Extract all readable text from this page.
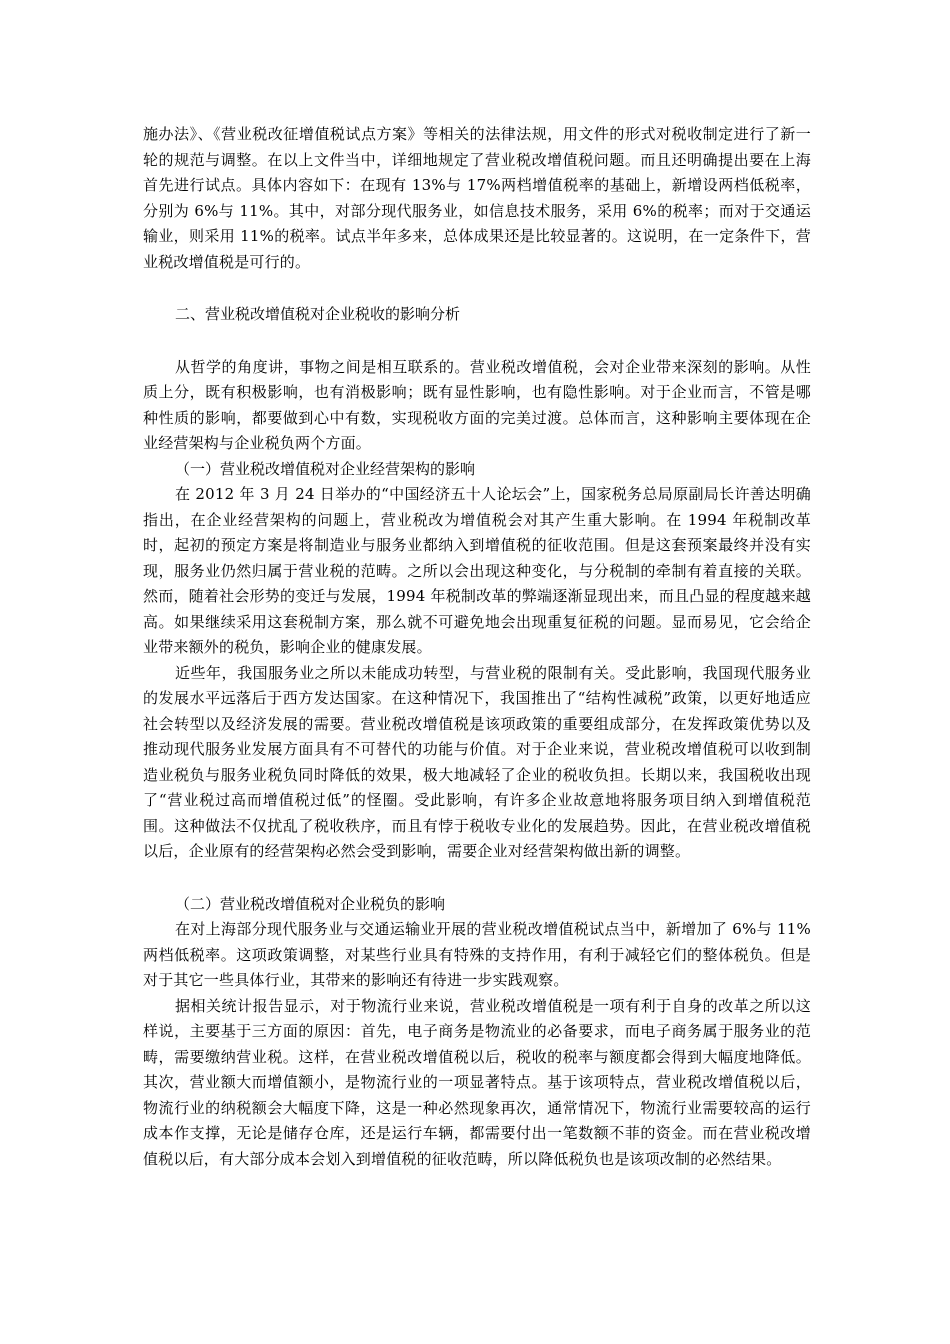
施办法》、《营业税改征增值税试点方案》等相关的法律法规，用文件的形式对税收制定进行了新一轮的规范与调整。在以上文件当中，详细地规定了营业税改增值税问题。而且还明确提出要在上海首先进行试点。具体内容如下：在现有 13%与 17%两档增值税率的基础上，新增设两档低税率，分别为 6%与 11%。其中，对部分现代服务业，如信息技术服务，采用 6%的税率；而对于交通运输业，则采用 11%的税率。试点半年多来，总体成果还是比较显著的。这说明，在一定条件下，营业税改增值税是可行的。

二、营业税改增值税对企业税收的影响分析

从哲学的角度讲，事物之间是相互联系的。营业税改增值税，会对企业带来深刻的影响。从性质上分，既有积极影响，也有消极影响；既有显性影响，也有隐性影响。对于企业而言，不管是哪种性质的影响，都要做到心中有数，实现税收方面的完美过渡。总体而言，这种影响主要体现在企业经营架构与企业税负两个方面。

（一）营业税改增值税对企业经营架构的影响

在 2012 年 3 月 24 日举办的“中国经济五十人论坛会”上，国家税务总局原副局长许善达明确指出，在企业经营架构的问题上，营业税改为增值税会对其产生重大影响。在 1994 年税制改革时，起初的预定方案是将制造业与服务业都纳入到增值税的征收范围。但是这套预案最终并没有实现，服务业仍然归属于营业税的范畴。之所以会出现这种变化，与分税制的牵制有着直接的关联。然而，随着社会形势的变迁与发展，1994 年税制改革的弊端逐渐显现出来，而且凸显的程度越来越高。如果继续采用这套税制方案，那么就不可避免地会出现重复征税的问题。显而易见，它会给企业带来额外的税负，影响企业的健康发展。

近些年，我国服务业之所以未能成功转型，与营业税的限制有关。受此影响，我国现代服务业的发展水平远落后于西方发达国家。在这种情况下，我国推出了“结构性减税”政策，以更好地适应社会转型以及经济发展的需要。营业税改增值税是该项政策的重要组成部分，在发挥政策优势以及推动现代服务业发展方面具有不可替代的功能与价值。对于企业来说，营业税改增值税可以收到制造业税负与服务业税负同时降低的效果，极大地减轻了企业的税收负担。长期以来，我国税收出现了“营业税过高而增值税过低”的怪圈。受此影响，有许多企业故意地将服务项目纳入到增值税范围。这种做法不仅扰乱了税收秩序，而且有悖于税收专业化的发展趋势。因此，在营业税改增值税以后，企业原有的经营架构必然会受到影响，需要企业对经营架构做出新的调整。

（二）营业税改增值税对企业税负的影响

在对上海部分现代服务业与交通运输业开展的营业税改增值税试点当中，新增加了 6%与 11%两档低税率。这项政策调整，对某些行业具有特殊的支持作用，有利于减轻它们的整体税负。但是对于其它一些具体行业，其带来的影响还有待进一步实践观察。

据相关统计报告显示，对于物流行业来说，营业税改增值税是一项有利于自身的改革之所以这样说，主要基于三方面的原因：首先，电子商务是物流业的必备要求，而电子商务属于服务业的范畴，需要缴纳营业税。这样，在营业税改增值税以后，税收的税率与额度都会得到大幅度地降低。其次，营业额大而增值额小，是物流行业的一项显著特点。基于该项特点，营业税改增值税以后，物流行业的纳税额会大幅度下降，这是一种必然现象再次，通常情况下，物流行业需要较高的运行成本作支撑，无论是储存仓库，还是运行车辆，都需要付出一笔数额不菲的资金。而在营业税改增值税以后，有大部分成本会划入到增值税的征收范畴，所以降低税负也是该项改制的必然结果。
